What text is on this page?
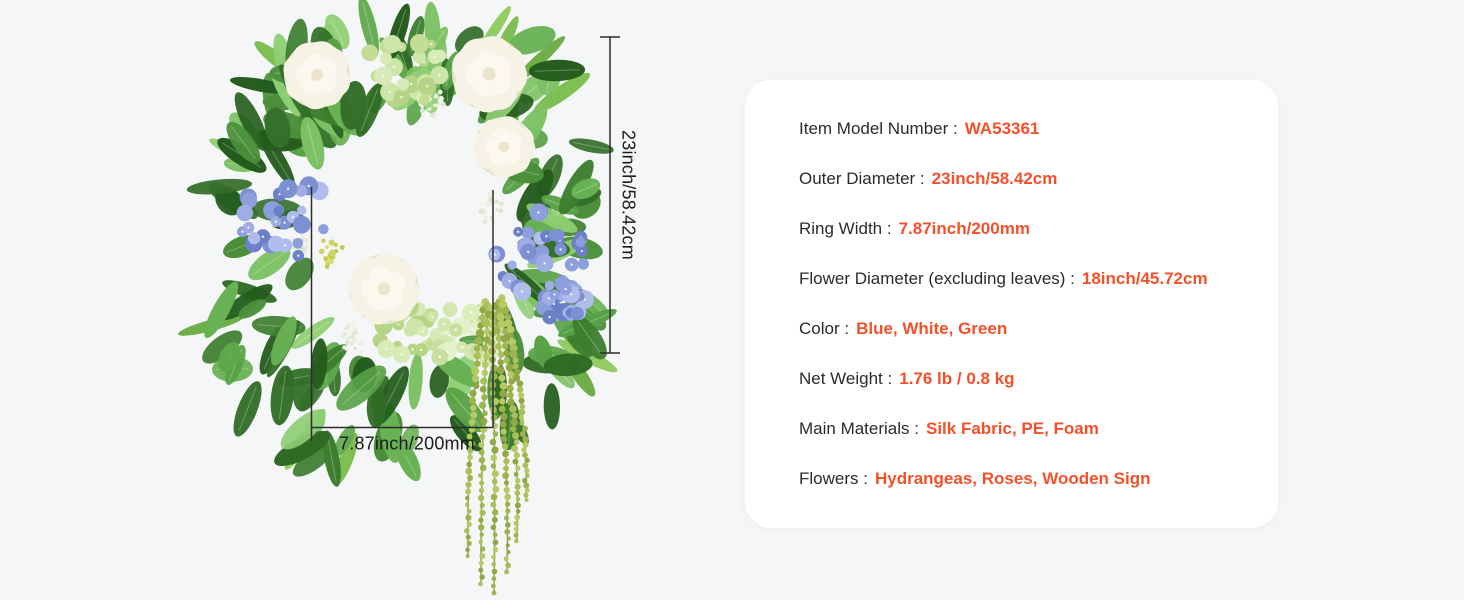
23inch/58.42cm
7.87inch/200mm
Item Model Number : WA53361
Outer Diameter : 23inch/58.42cm
Ring Width : 7.87inch/200mm
Flower Diameter (excluding leaves) : 18inch/45.72cm
Color : Blue, White, Green
Net Weight : 1.76 lb / 0.8 kg
Main Materials : Silk Fabric, PE, Foam
Flowers : Hydrangeas, Roses, Wooden Sign
